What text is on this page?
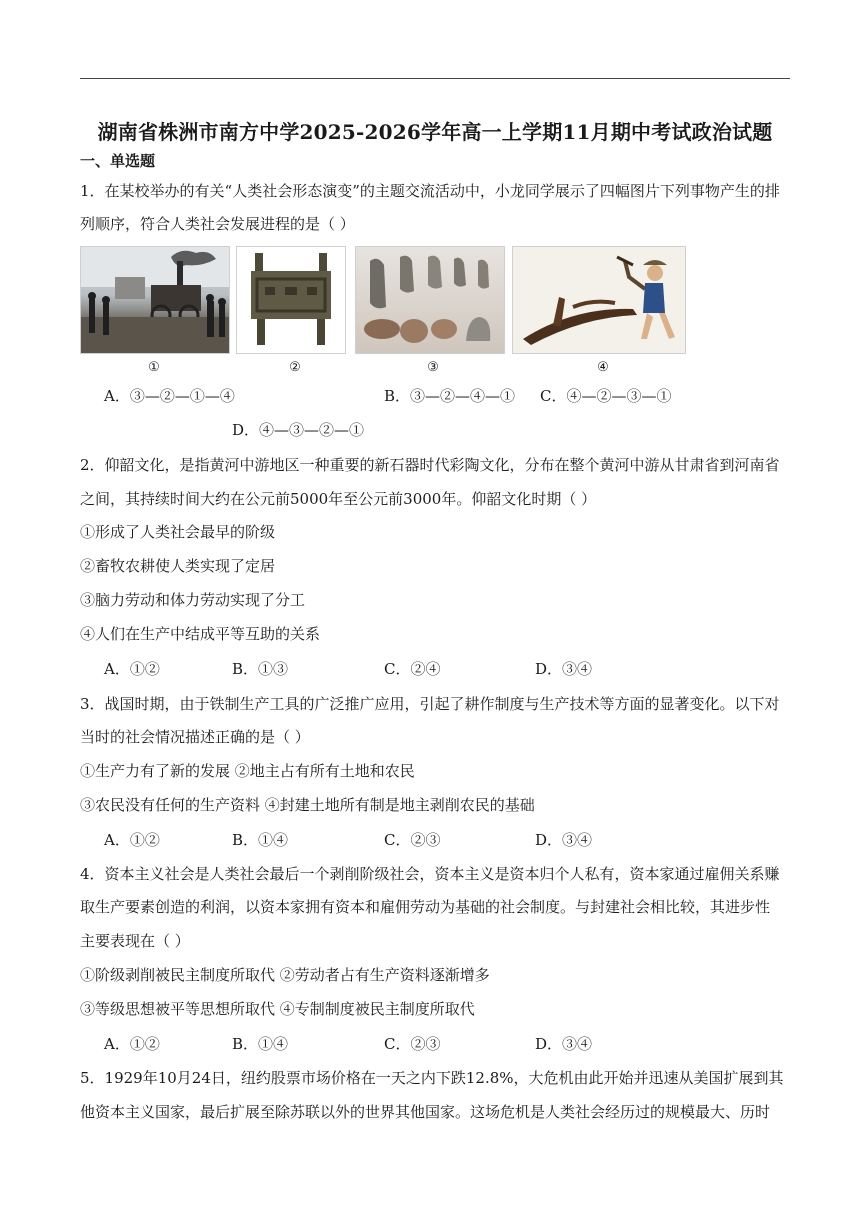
湖南省株洲市南方中学2025-2026学年高一上学期11月期中考试政治试题
一、单选题
1．在某校举办的有关“人类社会形态演变”的主题交流活动中，小龙同学展示了四幅图片下列事物产生的排
列顺序，符合人类社会发展进程的是（ ）
①	②	③	④
A．③—②—①—④	B．③—②—④—① C．④—②—③—①
D．④—③—②—①
2．仰韶文化，是指黄河中游地区一种重要的新石器时代彩陶文化，分布在整个黄河中游从甘肃省到河南省
之间，其持续时间大约在公元前5000年至公元前3000年。仰韶文化时期（ ）
①形成了人类社会最早的阶级
②畜牧农耕使人类实现了定居
③脑力劳动和体力劳动实现了分工
④人们在生产中结成平等互助的关系
A．①②	B．①③	C．②④	D．③④
3．战国时期，由于铁制生产工具的广泛推广应用，引起了耕作制度与生产技术等方面的显著变化。以下对
当时的社会情况描述正确的是（ ）
①生产力有了新的发展 ②地主占有所有土地和农民
③农民没有任何的生产资料 ④封建土地所有制是地主剥削农民的基础
A．①②	B．①④	C．②③	D．③④
4．资本主义社会是人类社会最后一个剥削阶级社会，资本主义是资本归个人私有，资本家通过雇佣关系赚
取生产要素创造的利润，以资本家拥有资本和雇佣劳动为基础的社会制度。与封建社会相比较，其进步性
主要表现在（ ）
①阶级剥削被民主制度所取代 ②劳动者占有生产资料逐渐增多
③等级思想被平等思想所取代 ④专制制度被民主制度所取代
A．①②	B．①④	C．②③	D．③④
5．1929年10月24日，纽约股票市场价格在一天之内下跌12.8%，大危机由此开始并迅速从美国扩展到其
他资本主义国家，最后扩展至除苏联以外的世界其他国家。这场危机是人类社会经历过的规模最大、历时
